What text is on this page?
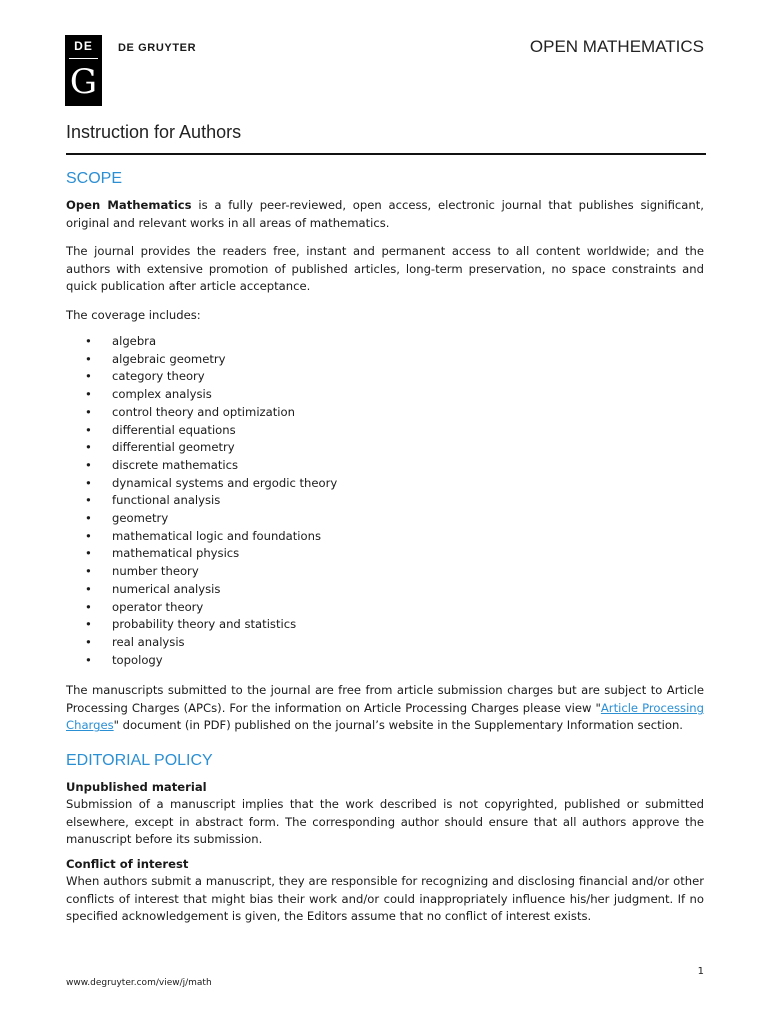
DE
G
DE GRUYTER	OPEN MATHEMATICS
Instruction for Authors
SCOPE

Open Mathematics is a fully peer-reviewed, open access, electronic journal that publishes significant, original and relevant works in all areas of mathematics.

The journal provides the readers free, instant and permanent access to all content worldwide; and the authors with extensive promotion of published articles, long-term preservation, no space constraints and quick publication after article acceptance.

The coverage includes:

• algebra
• algebraic geometry
• category theory
• complex analysis
• control theory and optimization
• differential equations
• differential geometry
• discrete mathematics
• dynamical systems and ergodic theory
• functional analysis
• geometry
• mathematical logic and foundations
• mathematical physics
• number theory
• numerical analysis
• operator theory
• probability theory and statistics
• real analysis
• topology

The manuscripts submitted to the journal are free from article submission charges but are subject to Article Processing Charges (APCs). For the information on Article Processing Charges please view "Article Processing Charges" document (in PDF) published on the journal’s website in the Supplementary Information section.

EDITORIAL POLICY
Unpublished material

Submission of a manuscript implies that the work described is not copyrighted, published or submitted elsewhere, except in abstract form. The corresponding author should ensure that all authors approve the manuscript before its submission.

Conflict of interest

When authors submit a manuscript, they are responsible for recognizing and disclosing financial and/or other conflicts of interest that might bias their work and/or could inappropriately influence his/her judgment. If no specified acknowledgement is given, the Editors assume that no conflict of interest exists.

1
www.degruyter.com/view/j/math
